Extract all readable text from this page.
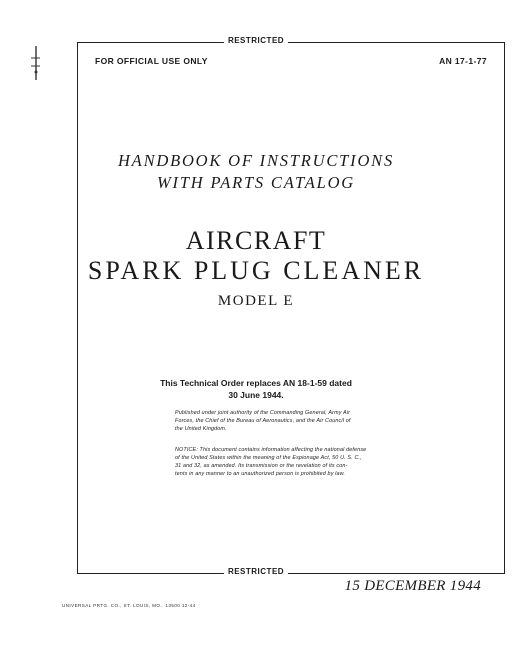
RESTRICTED
RESTRICTED
FOR OFFICIAL USE ONLY	AN 17-1-77
HANDBOOK OF INSTRUCTIONS
WITH PARTS CATALOG
AIRCRAFT
SPARK PLUG CLEANER
MODEL E
This Technical Order replaces AN 18-1-59 dated
30 June 1944.
Published under joint authority of the Commanding General, Army Air
Forces, the Chief of the Bureau of Aeronautics, and the Air Council of
the United Kingdom.
NOTICE: This document contains information affecting the national defense
of the United States within the meaning of the Espionage Act, 50 U. S. C.,
31 and 32, as amended. Its transmission or the revelation of its con-
tents in any manner to an unauthorized person is prohibited by law.
15 DECEMBER 1944
UNIVERSAL PRTG. CO., ST. LOUIS, MO.. 13500 12-44
